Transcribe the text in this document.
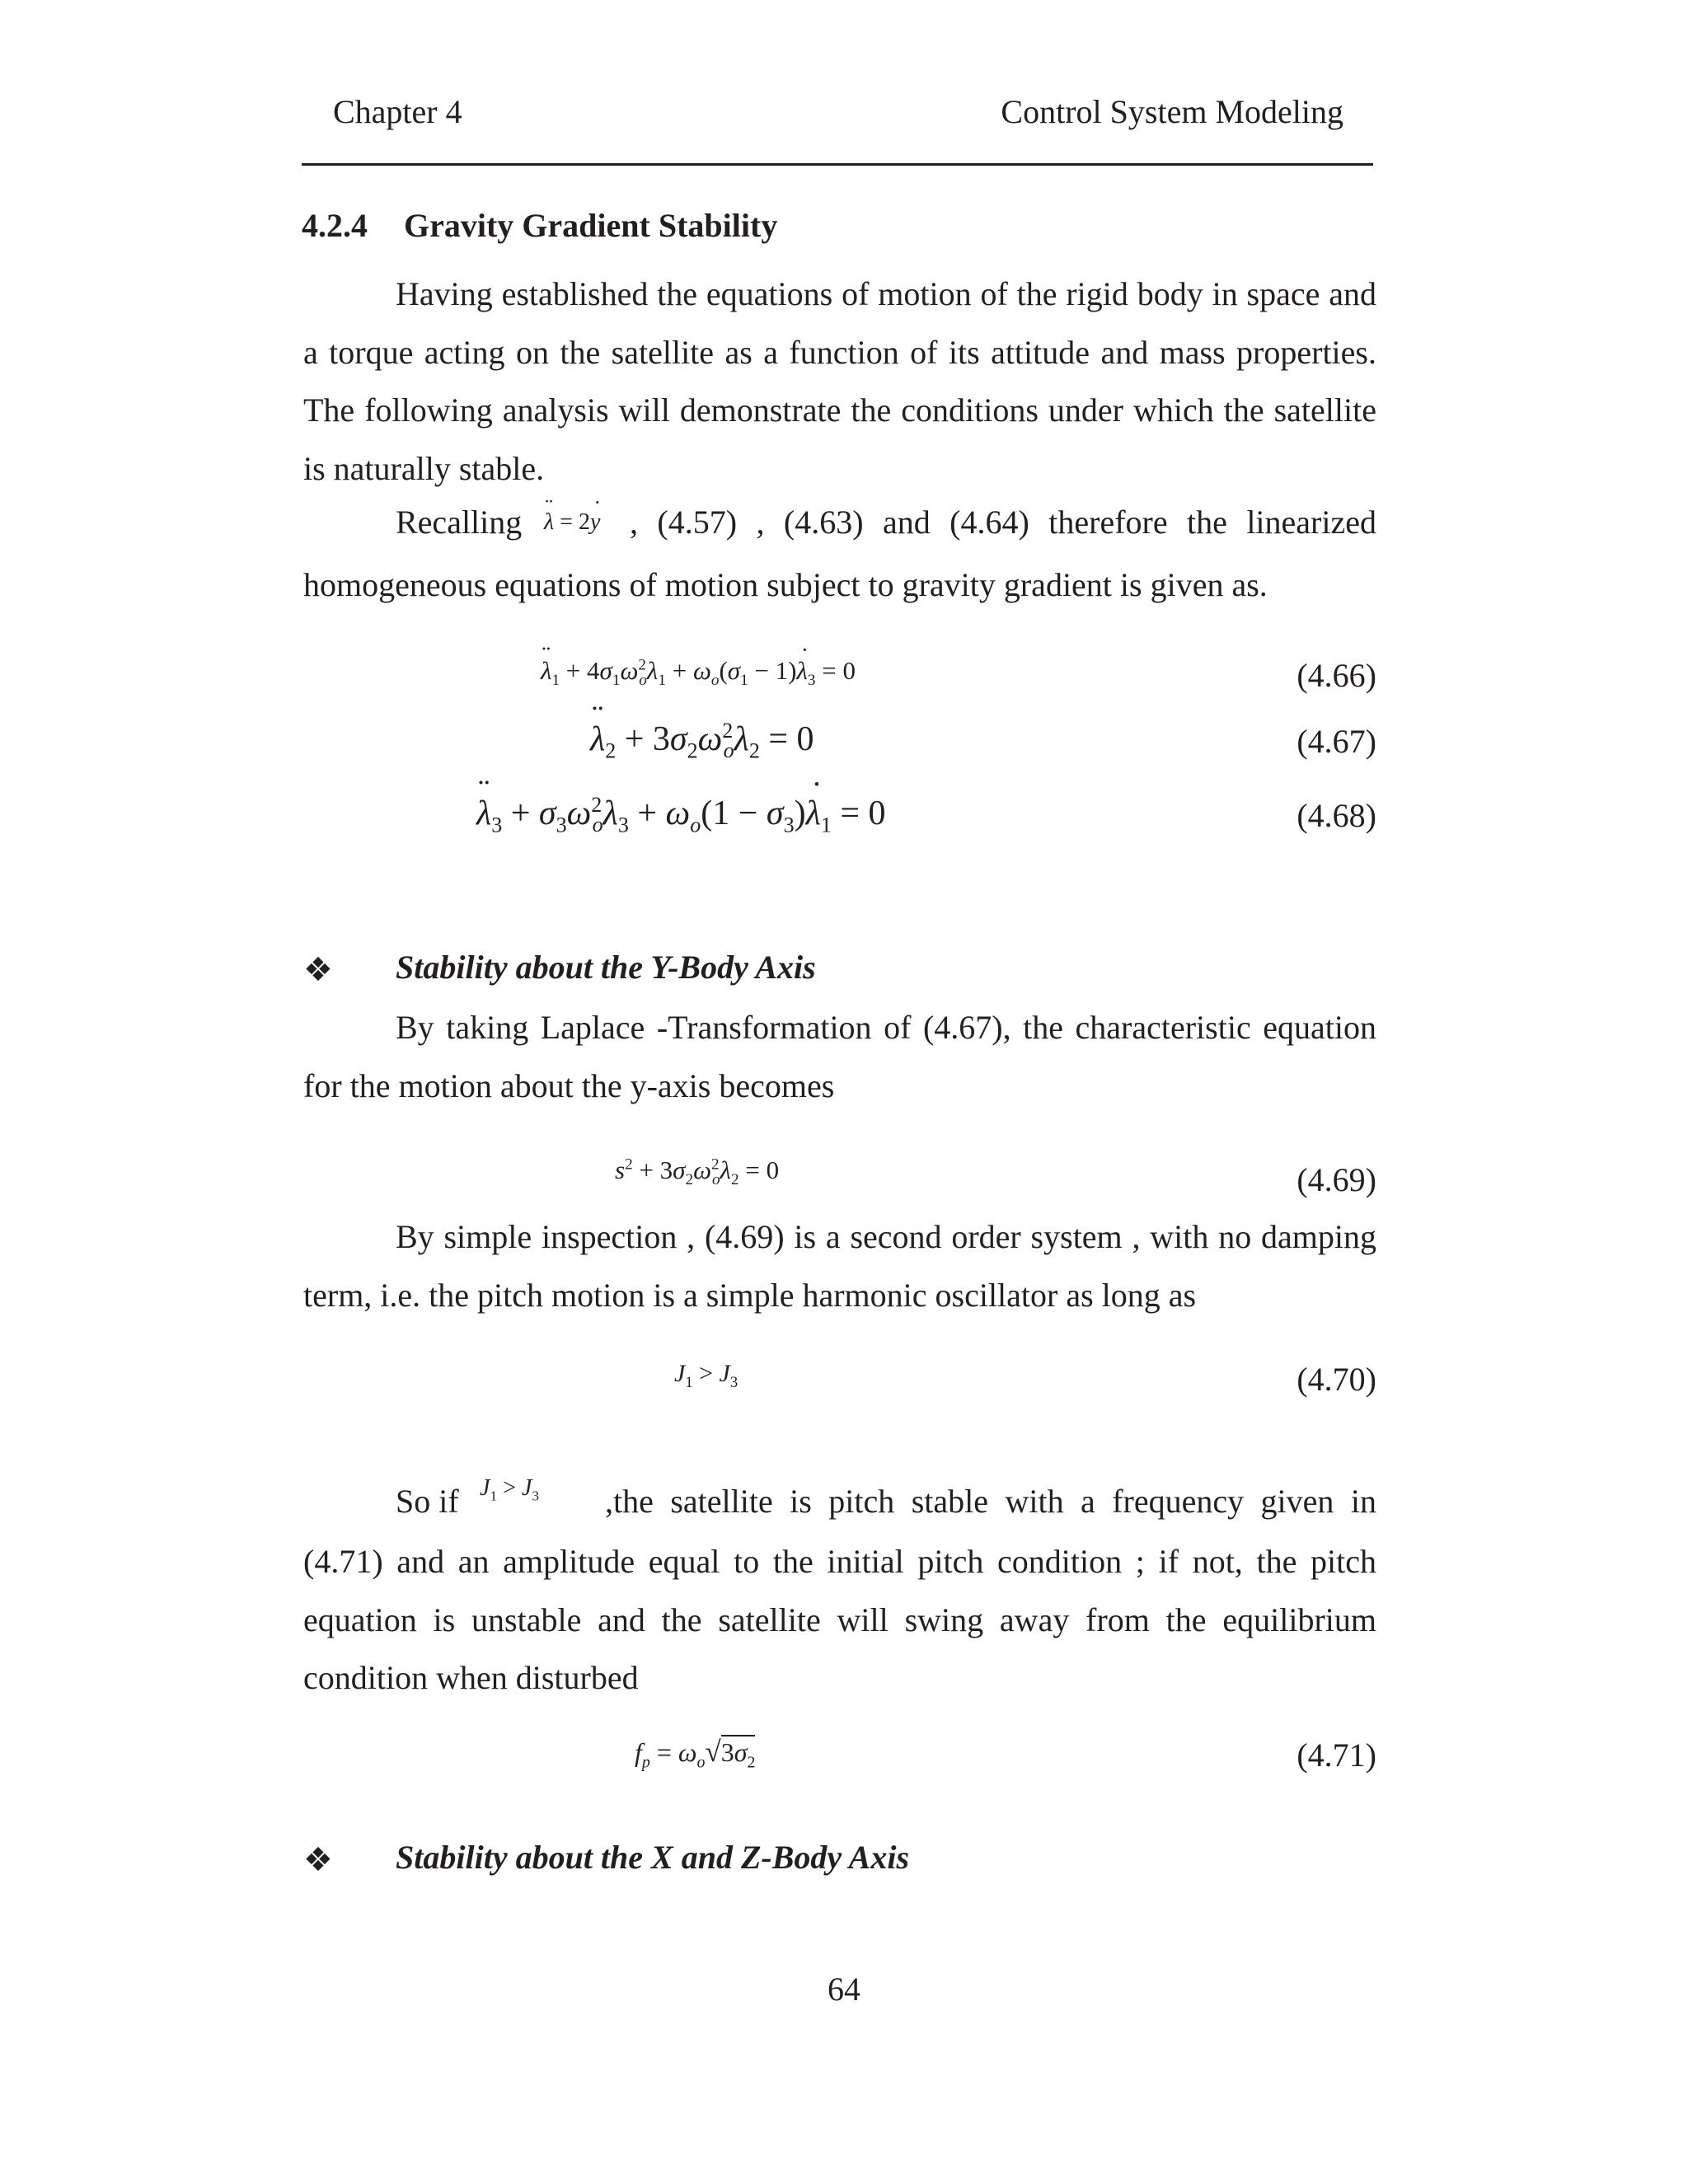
Chapter 4	Control System Modeling
4.2.4 Gravity Gradient Stability
Having established the equations of motion of the rigid body in space and a torque acting on the satellite as a function of its attitude and mass properties. The following analysis will demonstrate the conditions under which the satellite is naturally stable.
Recalling
¨ λ = 2˙ y , (4.57) , (4.63) and (4.64) therefore the linearized
homogeneous equations of motion subject to gravity gradient is given as.
¨ $\lambda_1 + 4\sigma_1\omega^2_o\lambda_1 + \omega_o(\sigma_1$ − 1)˙ $\lambda_3 = 0$	(4.66)
¨ $\lambda_2 + 3\sigma_2\omega^2_o\lambda_2 = 0$	(4.67)
¨ $\lambda_3 + \sigma_3\omega^2_o\lambda_3 + \omega_o(1$ − $\sigma_3)˙$ $\lambda_1 = 0$	(4.68)
❖ Stability about the Y-Body Axis
By taking Laplace -Transformation of (4.67), the characteristic equation for the motion about the y-axis becomes
$s^2 + 3\sigma_2\omega^2_o\lambda_2 = 0$	(4.69)
By simple inspection , (4.69) is a second order system , with no damping term, i.e. the pitch motion is a simple harmonic oscillator as long as
$J_1 > J_3$	(4.70)
So if $J_1 > J_3$ ,the satellite is pitch stable with a frequency given in
(4.71) and an amplitude equal to the initial pitch condition ; if not, the pitch equation is unstable and the satellite will swing away from the equilibrium condition when disturbed
$f_p = \omega_o√3\sigma_2$	(4.71)
❖ Stability about the X and Z-Body Axis
64
